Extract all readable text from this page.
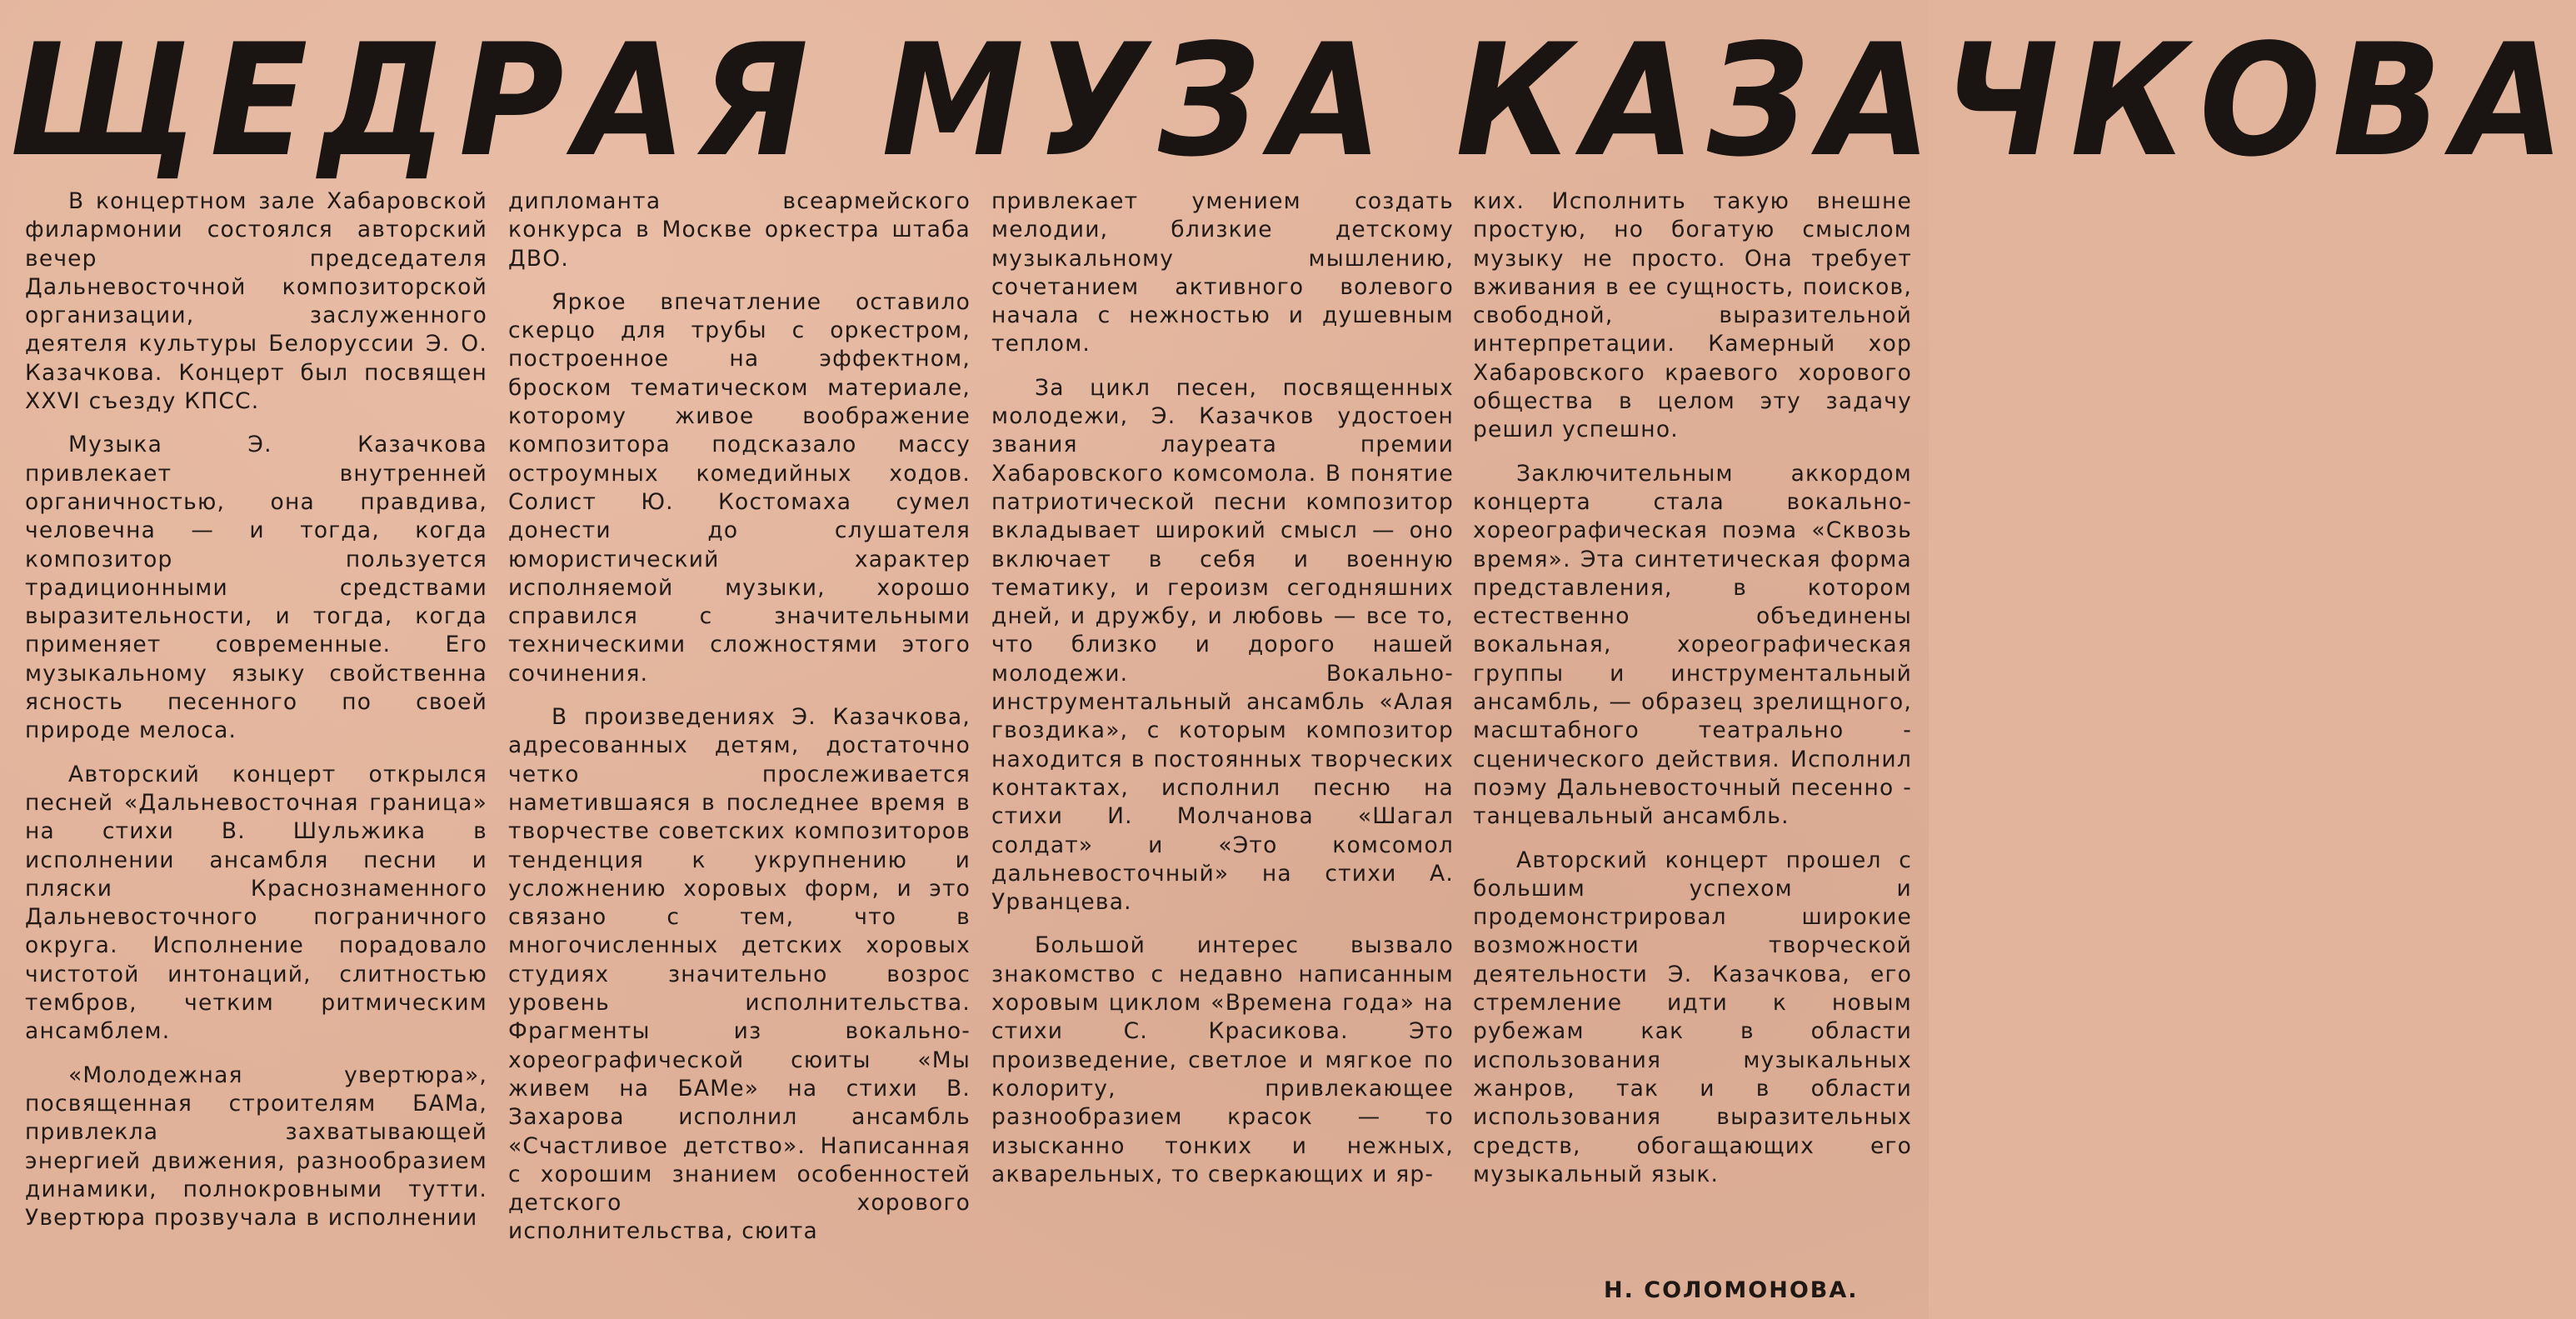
ЩЕДРАЯ МУЗА КАЗАЧКОВА

В концертном зале Хабаровской филармонии состоялся авторский вечер председателя Дальневосточной композиторской организации, заслуженного деятеля культуры Белоруссии Э. О. Казачкова. Концерт был посвящен XXVI съезду КПСС.

Музыка Э. Казачкова привлекает внутренней органичностью, она правдива, человечна — и тогда, когда композитор пользуется традиционными средствами выразительности, и тогда, когда применяет современные. Его музыкальному языку свойственна ясность песенного по своей природе мелоса.

Авторский концерт открылся песней «Дальневосточная граница» на стихи В. Шульжика в исполнении ансамбля песни и пляски Краснознаменного Дальневосточного пограничного округа. Исполнение порадовало чистотой интонаций, слитностью тембров, четким ритмическим ансамблем.

«Молодежная увертюра», посвященная строителям БАМа, привлекла захватывающей энергией движения, разнообразием динамики, полнокровными тутти. Увертюра прозвучала в исполнении

дипломанта всеармейского конкурса в Москве оркестра штаба ДВО.

Яркое впечатление оставило скерцо для трубы с оркестром, построенное на эффектном, броском тематическом материале, которому живое воображение композитора подсказало массу остроумных комедийных ходов. Солист Ю. Костомаха сумел донести до слушателя юмористический характер исполняемой музыки, хорошо справился с значительными техническими сложностями этого сочинения.

В произведениях Э. Казачкова, адресованных детям, достаточно четко прослеживается наметившаяся в последнее время в творчестве советских композиторов тенденция к укрупнению и усложнению хоровых форм, и это связано с тем, что в многочисленных детских хоровых студиях значительно возрос уровень исполнительства. Фрагменты из вокально-хореографической сюиты «Мы живем на БАМе» на стихи В. Захарова исполнил ансамбль «Счастливое детство». Написанная с хорошим знанием особенностей детского хорового исполнительства, сюита

привлекает умением создать мелодии, близкие детскому музыкальному мышлению, сочетанием активного волевого начала с нежностью и душевным теплом.

За цикл песен, посвященных молодежи, Э. Казачков удостоен звания лауреата премии Хабаровского комсомола. В понятие патриотической песни композитор вкладывает широкий смысл — оно включает в себя и военную тематику, и героизм сегодняшних дней, и дружбу, и любовь — все то, что близко и дорого нашей молодежи. Вокально-инструментальный ансамбль «Алая гвоздика», с которым композитор находится в постоянных творческих контактах, исполнил песню на стихи И. Молчанова «Шагал солдат» и «Это комсомол дальневосточный» на стихи А. Урванцева.

Большой интерес вызвало знакомство с недавно написанным хоровым циклом «Времена года» на стихи С. Красикова. Это произведение, светлое и мягкое по колориту, привлекающее разнообразием красок — то изысканно тонких и нежных, акварельных, то сверкающих и яр-

ких. Исполнить такую внешне простую, но богатую смыслом музыку не просто. Она требует вживания в ее сущность, поисков, свободной, выразительной интерпретации. Камерный хор Хабаровского краевого хорового общества в целом эту задачу решил успешно.

Заключительным аккордом концерта стала вокально-хореографическая поэма «Сквозь время». Эта синтетическая форма представления, в котором естественно объединены вокальная, хореографическая группы и инструментальный ансамбль, — образец зрелищного, масштабного театрально - сценического действия. Исполнил поэму Дальневосточный песенно - танцевальный ансамбль.

Авторский концерт прошел с большим успехом и продемонстрировал широкие возможности творческой деятельности Э. Казачкова, его стремление идти к новым рубежам как в области использования музыкальных жанров, так и в области использования выразительных средств, обогащающих его музыкальный язык.

Н. СОЛОМОНОВА.
